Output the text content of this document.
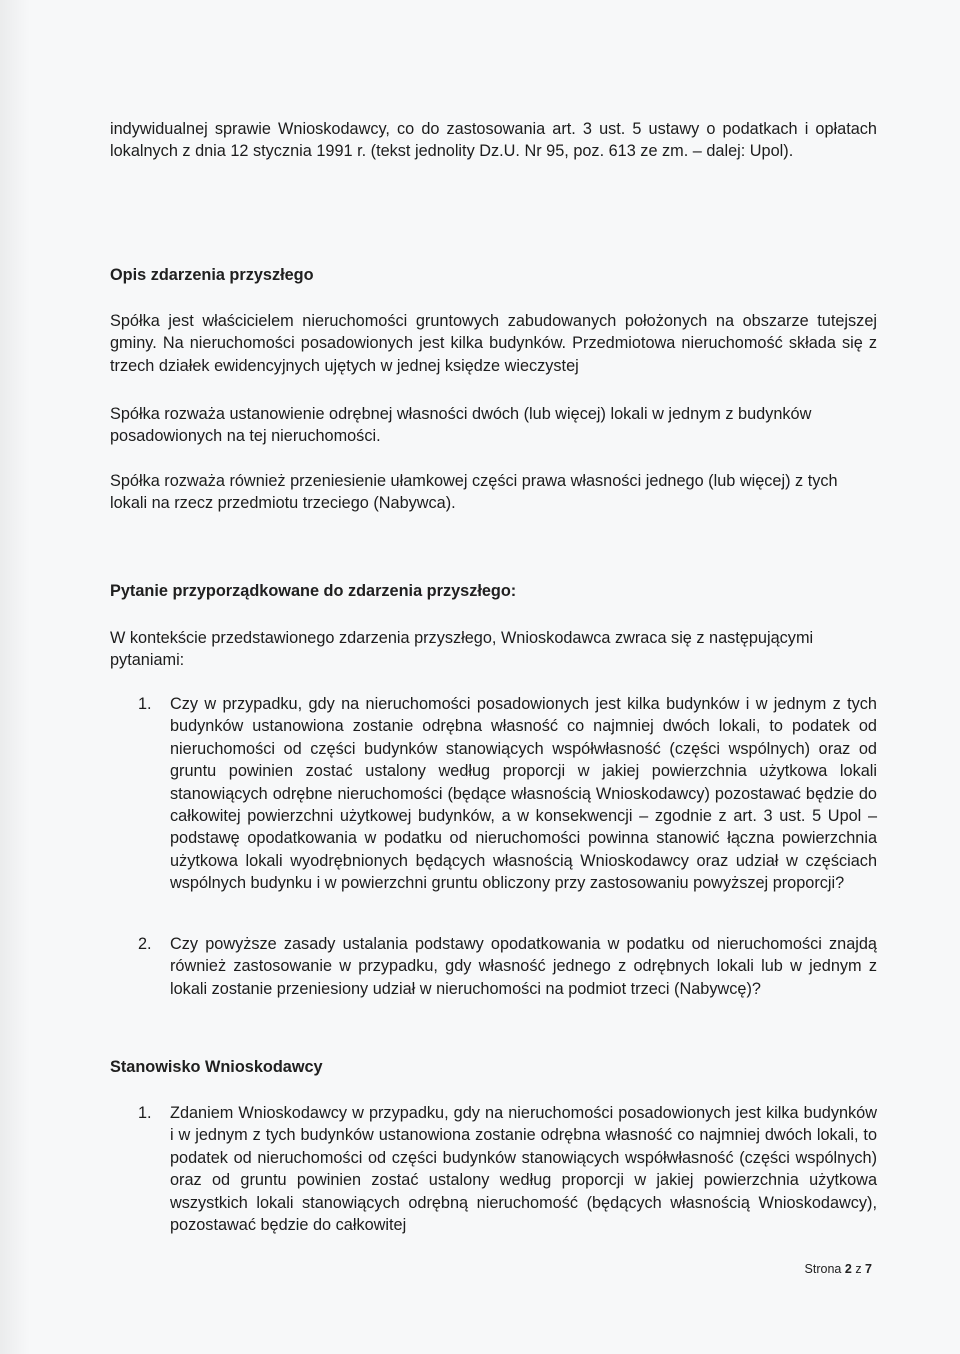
indywidualnej sprawie Wnioskodawcy, co do zastosowania art. 3 ust. 5 ustawy o podatkach i opłatach lokalnych z dnia 12 stycznia 1991 r. (tekst jednolity Dz.U. Nr 95, poz. 613 ze zm. – dalej: Upol).

Opis zdarzenia przyszłego

Spółka jest właścicielem nieruchomości gruntowych zabudowanych położonych na obszarze tutejszej gminy. Na nieruchomości posadowionych jest kilka budynków. Przedmiotowa nieruchomość składa się z trzech działek ewidencyjnych ujętych w jednej księdze wieczystej

Spółka rozważa ustanowienie odrębnej własności dwóch (lub więcej) lokali w jednym z budynków posadowionych na tej nieruchomości.

Spółka rozważa również przeniesienie ułamkowej części prawa własności jednego (lub więcej) z tych lokali na rzecz przedmiotu trzeciego (Nabywca).

Pytanie przyporządkowane do zdarzenia przyszłego:

W kontekście przedstawionego zdarzenia przyszłego, Wnioskodawca zwraca się z następującymi pytaniami:

1. Czy w przypadku, gdy na nieruchomości posadowionych jest kilka budynków i w jednym z tych budynków ustanowiona zostanie odrębna własność co najmniej dwóch lokali, to podatek od nieruchomości od części budynków stanowiących współwłasność (części wspólnych) oraz od gruntu powinien zostać ustalony według proporcji w jakiej powierzchnia użytkowa lokali stanowiących odrębne nieruchomości (będące własnością Wnioskodawcy) pozostawać będzie do całkowitej powierzchni użytkowej budynków, a w konsekwencji – zgodnie z art. 3 ust. 5 Upol – podstawę opodatkowania w podatku od nieruchomości powinna stanowić łączna powierzchnia użytkowa lokali wyodrębnionych będących własnością Wnioskodawcy oraz udział w częściach wspólnych budynku i w powierzchni gruntu obliczony przy zastosowaniu powyższej proporcji?

2. Czy powyższe zasady ustalania podstawy opodatkowania w podatku od nieruchomości znajdą również zastosowanie w przypadku, gdy własność jednego z odrębnych lokali lub w jednym z lokali zostanie przeniesiony udział w nieruchomości na podmiot trzeci (Nabywcę)?

Stanowisko Wnioskodawcy
1. Zdaniem Wnioskodawcy w przypadku, gdy na nieruchomości posadowionych jest kilka budynków i w jednym z tych budynków ustanowiona zostanie odrębna własność co najmniej dwóch lokali, to podatek od nieruchomości od części budynków stanowiących współwłasność (części wspólnych) oraz od gruntu powinien zostać ustalony według proporcji w jakiej powierzchnia użytkowa wszystkich lokali stanowiących odrębną nieruchomość (będących własnością Wnioskodawcy), pozostawać będzie do całkowitej

Strona 2 z 7
